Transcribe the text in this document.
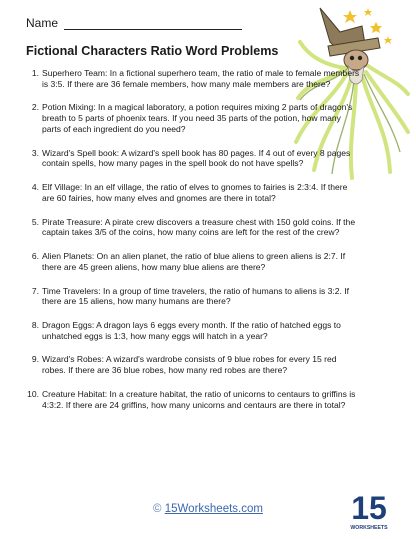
Name
Fictional Characters Ratio Word Problems
1. Superhero Team: In a fictional superhero team, the ratio of male to female members is 3:5. If there are 36 female members, how many male members are there?
2. Potion Mixing: In a magical laboratory, a potion requires mixing 2 parts of dragon's breath to 5 parts of phoenix tears. If you need 35 parts of the potion, how many parts of each ingredient do you need?
3. Wizard's Spell book: A wizard's spell book has 80 pages. If 4 out of every 8 pages contain spells, how many pages in the spell book do not have spells?
4. Elf Village: In an elf village, the ratio of elves to gnomes to fairies is 2:3:4. If there are 60 fairies, how many elves and gnomes are there in total?
5. Pirate Treasure: A pirate crew discovers a treasure chest with 150 gold coins. If the captain takes 3/5 of the coins, how many coins are left for the rest of the crew?
6. Alien Planets: On an alien planet, the ratio of blue aliens to green aliens is 2:7. If there are 45 green aliens, how many blue aliens are there?
7. Time Travelers: In a group of time travelers, the ratio of humans to aliens is 3:2. If there are 15 aliens, how many humans are there?
8. Dragon Eggs: A dragon lays 6 eggs every month. If the ratio of hatched eggs to unhatched eggs is 1:3, how many eggs will hatch in a year?
9. Wizard's Robes: A wizard's wardrobe consists of 9 blue robes for every 15 red robes. If there are 36 blue robes, how many red robes are there?
10. Creature Habitat: In a creature habitat, the ratio of unicorns to centaurs to griffins is 4:3:2. If there are 24 griffins, how many unicorns and centaurs are there in total?
© 15Worksheets.com	15
WORKSHEETS
